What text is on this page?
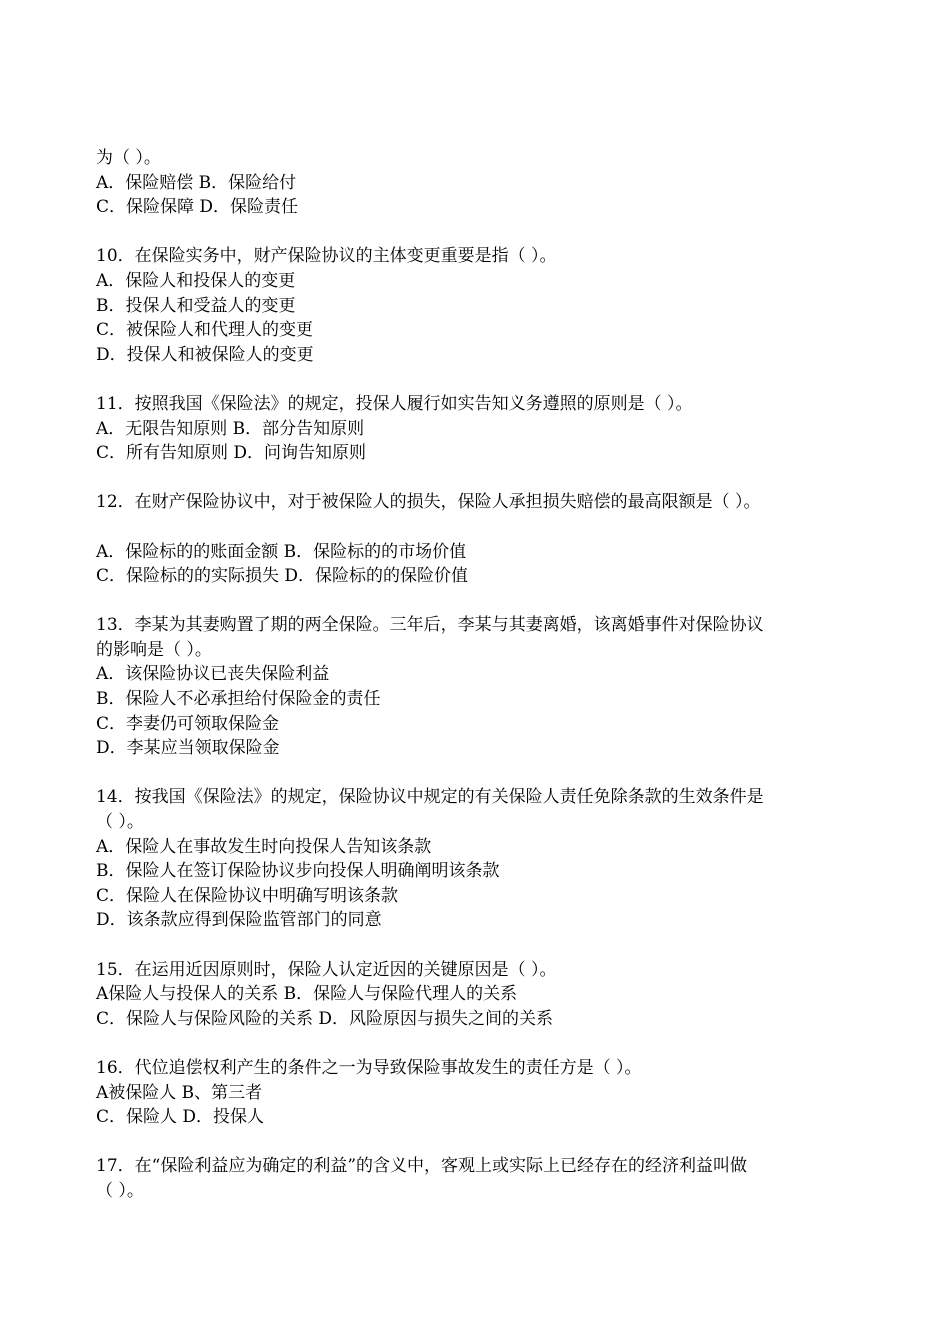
为（ ）。

A．保险赔偿 B．保险给付

C．保险保障 D．保险责任

10．在保险实务中，财产保险协议的主体变更重要是指（ ）。

A．保险人和投保人的变更

B．投保人和受益人的变更

C．被保险人和代理人的变更

D．投保人和被保险人的变更

11．按照我国《保险法》的规定，投保人履行如实告知义务遵照的原则是（ ）。

A．无限告知原则 B．部分告知原则

C．所有告知原则 D．问询告知原则

12．在财产保险协议中，对于被保险人的损失，保险人承担损失赔偿的最高限额是（ ）。

A．保险标的的账面金额 B．保险标的的市场价值

C．保险标的的实际损失 D．保险标的的保险价值

13．李某为其妻购置了期的两全保险。三年后，李某与其妻离婚，该离婚事件对保险协议

的影响是（ ）。

A．该保险协议已丧失保险利益

B．保险人不必承担给付保险金的责任

C．李妻仍可领取保险金

D．李某应当领取保险金

14．按我国《保险法》的规定，保险协议中规定的有关保险人责任免除条款的生效条件是

（ ）。

A．保险人在事故发生时向投保人告知该条款

B．保险人在签订保险协议步向投保人明确阐明该条款

C．保险人在保险协议中明确写明该条款

D．该条款应得到保险监管部门的同意

15．在运用近因原则时，保险人认定近因的关键原因是（ ）。

A保险人与投保人的关系 B．保险人与保险代理人的关系

C．保险人与保险风险的关系 D．风险原因与损失之间的关系

16．代位追偿权利产生的条件之一为导致保险事故发生的责任方是（ ）。

A被保险人 B、第三者

C．保险人 D．投保人

17．在“保险利益应为确定的利益”的含义中，客观上或实际上已经存在的经济利益叫做

（ ）。
